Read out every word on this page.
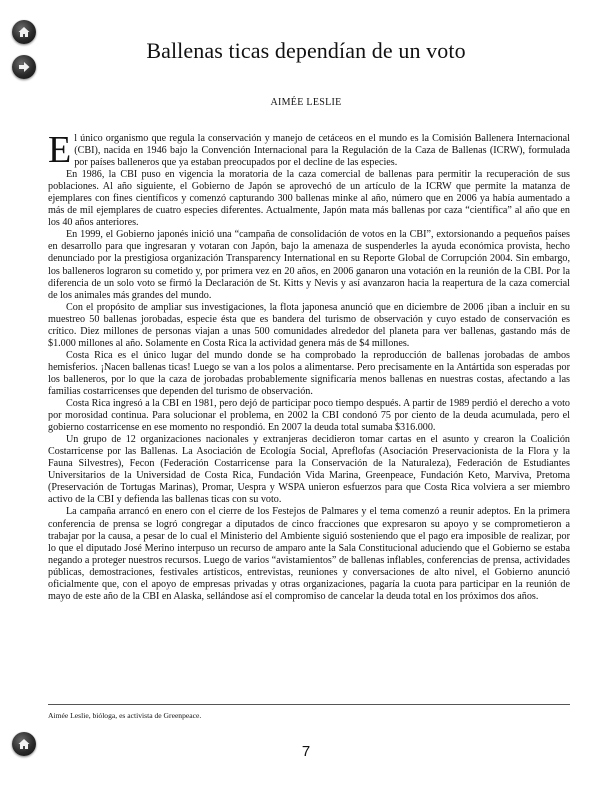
Ballenas ticas dependían de un voto
AIMÉE LESLIE

El único organismo que regula la conservación y manejo de cetáceos en el mundo es la Comisión Ballenera Internacional (CBI), nacida en 1946 bajo la Convención Internacional para la Regulación de la Caza de Ballenas (ICRW), formulada por países balleneros que ya estaban preocupados por el decline de las especies.

En 1986, la CBI puso en vigencia la moratoria de la caza comercial de ballenas para permitir la recuperación de sus poblaciones. Al año siguiente, el Gobierno de Japón se aprovechó de un artículo de la ICRW que permite la matanza de ejemplares con fines científicos y comenzó capturando 300 ballenas minke al año, número que en 2006 ya había aumentado a más de mil ejemplares de cuatro especies diferentes. Actualmente, Japón mata más ballenas por caza “científica” al año que en los 40 años anteriores.

En 1999, el Gobierno japonés inició una “campaña de consolidación de votos en la CBI”, extorsionando a pequeños países en desarrollo para que ingresaran y votaran con Japón, bajo la amenaza de suspenderles la ayuda económica provista, hecho denunciado por la prestigiosa organización Transparency International en su Reporte Global de Corrupción 2004. Sin embargo, los balleneros lograron su cometido y, por primera vez en 20 años, en 2006 ganaron una votación en la reunión de la CBI. Por la diferencia de un solo voto se firmó la Declaración de St. Kitts y Nevis y así avanzaron hacia la reapertura de la caza comercial de los animales más grandes del mundo.

Con el propósito de ampliar sus investigaciones, la flota japonesa anunció que en diciembre de 2006 ¡iban a incluir en su muestreo 50 ballenas jorobadas, especie ésta que es bandera del turismo de observación y cuyo estado de conservación es crítico. Diez millones de personas viajan a unas 500 comunidades alrededor del planeta para ver ballenas, gastando más de $1.000 millones al año. Solamente en Costa Rica la actividad genera más de $4 millones.

Costa Rica es el único lugar del mundo donde se ha comprobado la reproducción de ballenas jorobadas de ambos hemisferios. ¡Nacen ballenas ticas! Luego se van a los polos a alimentarse. Pero precisamente en la Antártida son esperadas por los balleneros, por lo que la caza de jorobadas probablemente significaría menos ballenas en nuestras costas, afectando a las familias costarricenses que dependen del turismo de observación.

Costa Rica ingresó a la CBI en 1981, pero dejó de participar poco tiempo después. A partir de 1989 perdió el derecho a voto por morosidad continua. Para solucionar el problema, en 2002 la CBI condonó 75 por ciento de la deuda acumulada, pero el gobierno costarricense en ese momento no respondió. En 2007 la deuda total sumaba $316.000.

Un grupo de 12 organizaciones nacionales y extranjeras decidieron tomar cartas en el asunto y crearon la Coalición Costarricense por las Ballenas. La Asociación de Ecología Social, Apreflofas (Asociación Preservacionista de la Flora y la Fauna Silvestres), Fecon (Federación Costarricense para la Conservación de la Naturaleza), Federación de Estudiantes Universitarios de la Universidad de Costa Rica, Fundación Vida Marina, Greenpeace, Fundación Keto, Marviva, Pretoma (Preservación de Tortugas Marinas), Promar, Uespra y WSPA unieron esfuerzos para que Costa Rica volviera a ser miembro activo de la CBI y defienda las ballenas ticas con su voto.

La campaña arrancó en enero con el cierre de los Festejos de Palmares y el tema comenzó a reunir adeptos. En la primera conferencia de prensa se logró congregar a diputados de cinco fracciones que expresaron su apoyo y se comprometieron a trabajar por la causa, a pesar de lo cual el Ministerio del Ambiente siguió sosteniendo que el pago era imposible de realizar, por lo que el diputado José Merino interpuso un recurso de amparo ante la Sala Constitucional aduciendo que el Gobierno se estaba negando a proteger nuestros recursos. Luego de varios “avistamientos” de ballenas inflables, conferencias de prensa, actividades públicas, demostraciones, festivales artísticos, entrevistas, reuniones y conversaciones de alto nivel, el Gobierno anunció oficialmente que, con el apoyo de empresas privadas y otras organizaciones, pagaría la cuota para participar en la reunión de mayo de este año de la CBI en Alaska, sellándose así el compromiso de cancelar la deuda total en los próximos dos años.

Aimée Leslie, bióloga, es activista de Greenpeace.
7
